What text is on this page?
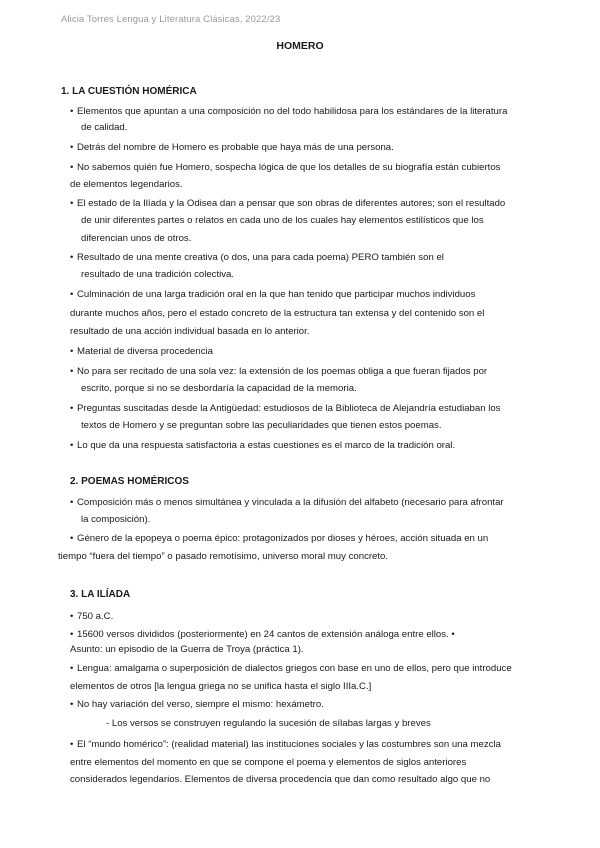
Alicia Torres Lengua y Literatura Clásicas, 2022/23
HOMERO
1. LA CUESTIÓN HOMÉRICA
• Elementos que apuntan a una composición no del todo habilidosa para los estándares de la literatura
de calidad.
• Detrás del nombre de Homero es probable que haya más de una persona.
• No sabemos quién fue Homero, sospecha lógica de que los detalles de su biografía están cubiertos
de elementos legendarios.
• El estado de la Ilíada y la Odisea dan a pensar que son obras de diferentes autores; son el resultado
de unir diferentes partes o relatos en cada uno de los cuales hay elementos estilísticos que los
diferencian unos de otros.
• Resultado de una mente creativa (o dos, una para cada poema) PERO también son el
resultado de una tradición colectiva.
• Culminación de una larga tradición oral en la que han tenido que participar muchos individuos
durante muchos años, pero el estado concreto de la estructura tan extensa y del contenido son el
resultado de una acción individual basada en lo anterior.
• Material de diversa procedencia
• No para ser recitado de una sola vez: la extensión de los poemas obliga a que fueran fijados por
escrito, porque si no se desbordaría la capacidad de la memoria.
• Preguntas suscitadas desde la Antigüedad: estudiosos de la Biblioteca de Alejandría estudiaban los
textos de Homero y se preguntan sobre las peculiaridades que tienen estos poemas.
• Lo que da una respuesta satisfactoria a estas cuestiones es el marco de la tradición oral.
2. POEMAS HOMÉRICOS
• Composición más o menos simultánea y vinculada a la difusión del alfabeto (necesario para afrontar
la composición).
• Género de la epopeya o poema épico: protagonizados por dioses y héroes, acción situada en un
tiempo “fuera del tiempo” o pasado remotísimo, universo moral muy concreto.
3. LA ILÍADA
• 750 a.C.
• 15600 versos divididos (posteriormente) en 24 cantos de extensión análoga entre ellos. •
Asunto: un episodio de la Guerra de Troya (práctica 1).
• Lengua: amalgama o superposición de dialectos griegos con base en uno de ellos, pero que introduce
elementos de otros [la lengua griega no se unifica hasta el siglo IIIa.C.]
• No hay variación del verso, siempre el mismo: hexámetro.
- Los versos se construyen regulando la sucesión de sílabas largas y breves
• El “mundo homérico”: (realidad material) las instituciones sociales y las costumbres son una mezcla
entre elementos del momento en que se compone el poema y elementos de siglos anteriores
considerados legendarios. Elementos de diversa procedencia que dan como resultado algo que no
